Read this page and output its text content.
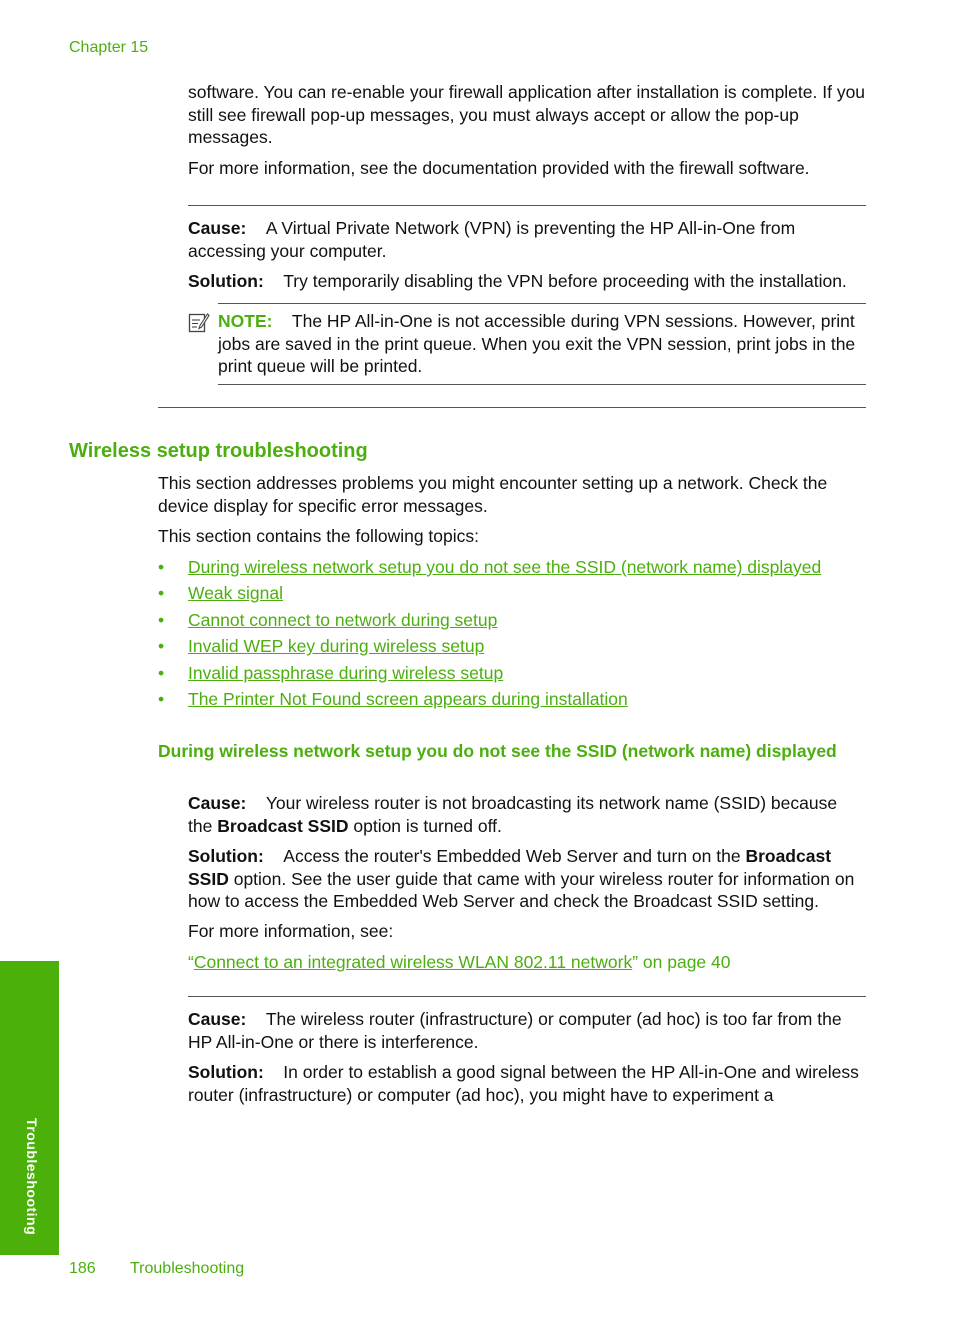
Chapter 15

software. You can re-enable your firewall application after installation is complete. If you still see firewall pop-up messages, you must always accept or allow the pop-up messages.

For more information, see the documentation provided with the firewall software.

Cause: A Virtual Private Network (VPN) is preventing the HP All-in-One from accessing your computer.

Solution: Try temporarily disabling the VPN before proceeding with the installation.

NOTE: The HP All-in-One is not accessible during VPN sessions. However, print jobs are saved in the print queue. When you exit the VPN session, print jobs in the print queue will be printed.
Wireless setup troubleshooting

This section addresses problems you might encounter setting up a network. Check the device display for specific error messages.

This section contains the following topics:

• During wireless network setup you do not see the SSID (network name) displayed
• Weak signal
• Cannot connect to network during setup
• Invalid WEP key during wireless setup
• Invalid passphrase during wireless setup
• The Printer Not Found screen appears during installation
During wireless network setup you do not see the SSID (network name) displayed

Cause: Your wireless router is not broadcasting its network name (SSID) because the Broadcast SSID option is turned off.

Solution: Access the router's Embedded Web Server and turn on the Broadcast SSID option. See the user guide that came with your wireless router for information on how to access the Embedded Web Server and check the Broadcast SSID setting.

For more information, see:
“Connect to an integrated wireless WLAN 802.11 network” on page 40

Cause: The wireless router (infrastructure) or computer (ad hoc) is too far from the HP All-in-One or there is interference.

Solution: In order to establish a good signal between the HP All-in-One and wireless router (infrastructure) or computer (ad hoc), you might have to experiment a

Troubleshooting
186 Troubleshooting
